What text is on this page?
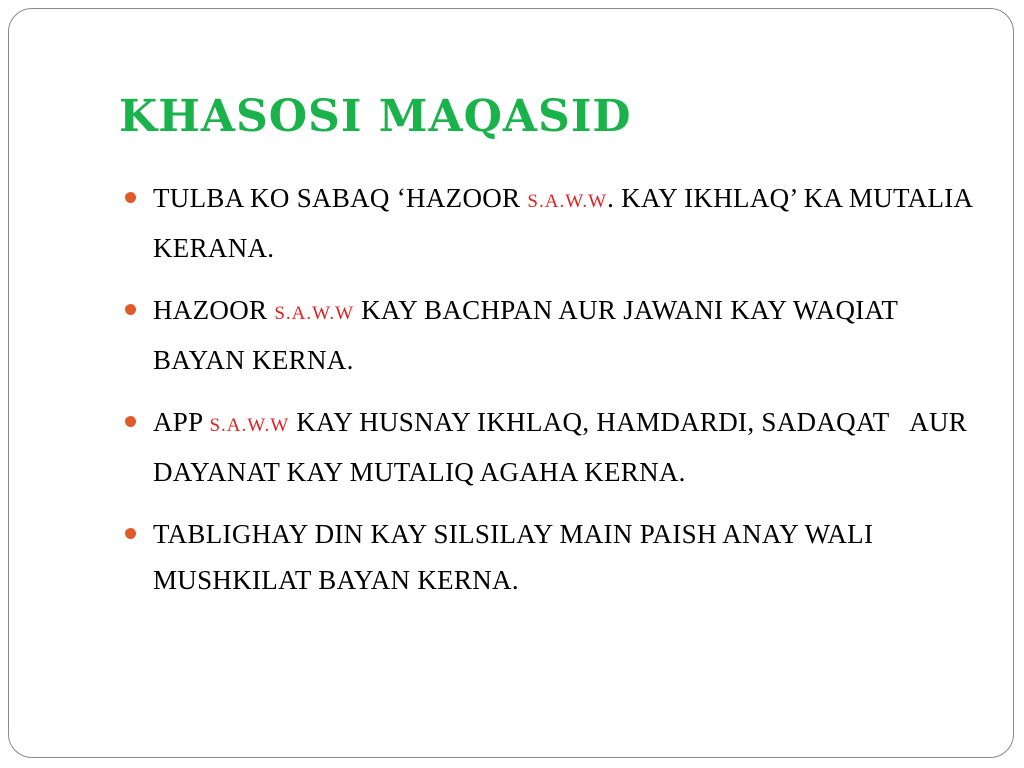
KHASOSI MAQASID
TULBA KO SABAQ ‘HAZOOR S.A.W.W. KAY IKHLAQ’ KA MUTALIA KERANA.
HAZOOR S.A.W.W KAY BACHPAN AUR JAWANI KAY WAQIAT BAYAN KERNA.
APP S.A.W.W KAY HUSNAY IKHLAQ, HAMDARDI, SADAQAT   AUR DAYANAT KAY MUTALIQ AGAHA KERNA.
TABLIGHAY DIN KAY SILSILAY MAIN PAISH ANAY WALI MUSHKILAT BAYAN KERNA.
